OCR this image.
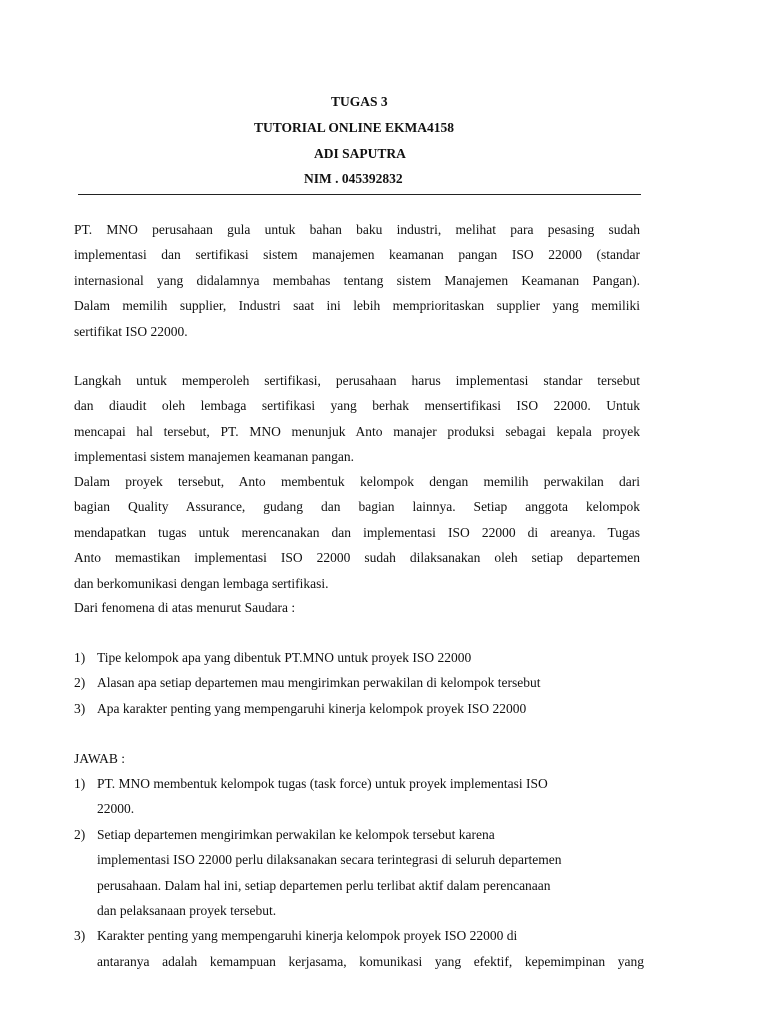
TUGAS 3
TUTORIAL ONLINE EKMA4158
ADI SAPUTRA
NIM . 045392832
PT. MNO perusahaan gula untuk bahan baku industri, melihat para pesasing sudah
implementasi dan sertifikasi sistem manajemen keamanan pangan ISO 22000 (standar
internasional yang didalamnya membahas tentang sistem Manajemen Keamanan Pangan).
Dalam memilih supplier, Industri saat ini lebih memprioritaskan supplier yang memiliki
sertifikat ISO 22000.
Langkah untuk memperoleh sertifikasi, perusahaan harus implementasi standar tersebut
dan diaudit oleh lembaga sertifikasi yang berhak mensertifikasi ISO 22000. Untuk
mencapai hal tersebut, PT. MNO menunjuk Anto manajer produksi sebagai kepala proyek
implementasi sistem manajemen keamanan pangan.
Dalam proyek tersebut, Anto membentuk kelompok dengan memilih perwakilan dari
bagian Quality Assurance, gudang dan bagian lainnya. Setiap anggota kelompok
mendapatkan tugas untuk merencanakan dan implementasi ISO 22000 di areanya. Tugas
Anto memastikan implementasi ISO 22000 sudah dilaksanakan oleh setiap departemen
dan berkomunikasi dengan lembaga sertifikasi.
Dari fenomena di atas menurut Saudara :
1) Tipe kelompok apa yang dibentuk PT.MNO untuk proyek ISO 22000
2) Alasan apa setiap departemen mau mengirimkan perwakilan di kelompok tersebut
3) Apa karakter penting yang mempengaruhi kinerja kelompok proyek ISO 22000
JAWAB :
1) PT. MNO membentuk kelompok tugas (task force) untuk proyek implementasi ISO
22000.
2) Setiap departemen mengirimkan perwakilan ke kelompok tersebut karena
implementasi ISO 22000 perlu dilaksanakan secara terintegrasi di seluruh departemen
perusahaan. Dalam hal ini, setiap departemen perlu terlibat aktif dalam perencanaan
dan pelaksanaan proyek tersebut.
3) Karakter penting yang mempengaruhi kinerja kelompok proyek ISO 22000 di
antaranya adalah kemampuan kerjasama, komunikasi yang efektif, kepemimpinan yang
